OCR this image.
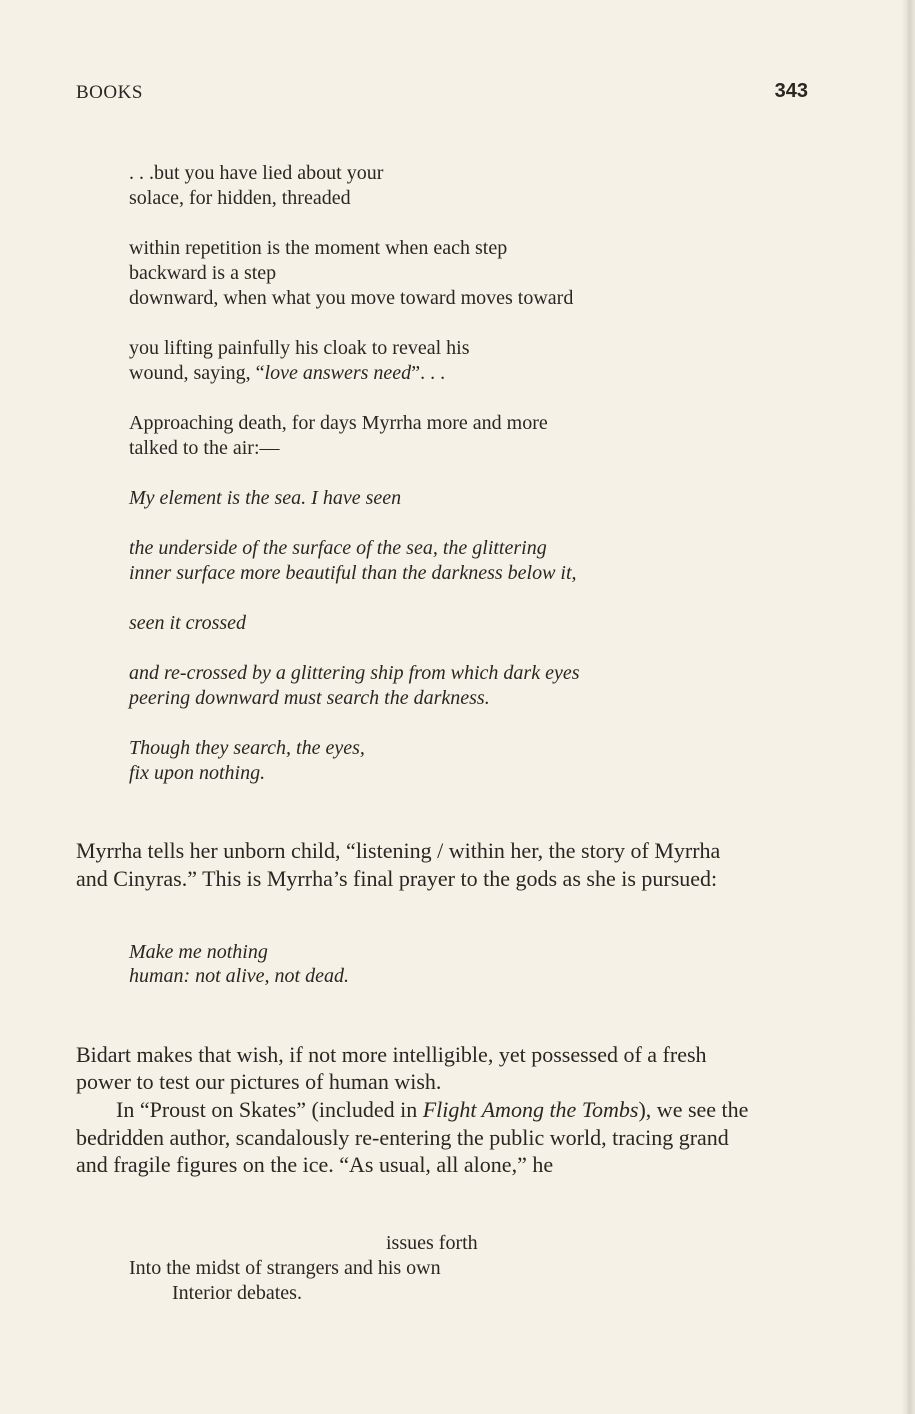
BOOKS	343
. . .but you have lied about your
solace, for hidden, threaded
within repetition is the moment when each step
backward is a step
downward, when what you move toward moves toward
you lifting painfully his cloak to reveal his
wound, saying, “love answers need”. . .
Approaching death, for days Myrrha more and more
talked to the air:—
My element is the sea. I have seen
the underside of the surface of the sea, the glittering
inner surface more beautiful than the darkness below it,
seen it crossed
and re-crossed by a glittering ship from which dark eyes
peering downward must search the darkness.
Though they search, the eyes,
fix upon nothing.
Myrrha tells her unborn child, “listening / within her, the story of Myrrha
and Cinyras.” This is Myrrha’s final prayer to the gods as she is pursued:
Make me nothing
human: not alive, not dead.
Bidart makes that wish, if not more intelligible, yet possessed of a fresh
power to test our pictures of human wish.
In “Proust on Skates” (included in Flight Among the Tombs), we see the
bedridden author, scandalously re-entering the public world, tracing grand
and fragile figures on the ice. “As usual, all alone,” he
issues forth
Into the midst of strangers and his own
Interior debates.
